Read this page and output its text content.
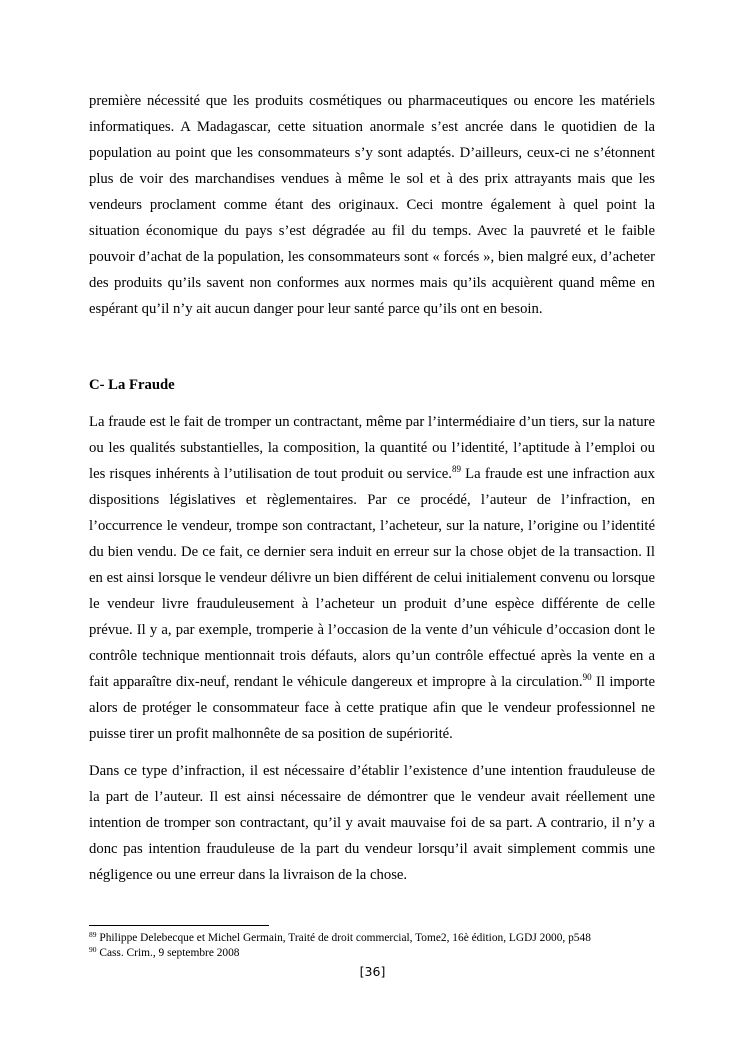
première nécessité que les produits cosmétiques ou pharmaceutiques ou encore les matériels informatiques. A Madagascar, cette situation anormale s’est ancrée dans le quotidien de la population au point que les consommateurs s’y sont adaptés. D’ailleurs, ceux-ci ne s’étonnent plus de voir des marchandises vendues à même le sol et à des prix attrayants mais que les vendeurs proclament comme étant des originaux. Ceci montre également à quel point la situation économique du pays s’est dégradée au fil du temps. Avec la pauvreté et le faible pouvoir d’achat de la population, les consommateurs sont « forcés », bien malgré eux, d’acheter des produits qu’ils savent non conformes aux normes mais qu’ils acquièrent quand même en espérant qu’il n’y ait aucun danger pour leur santé parce qu’ils ont en besoin.

C- La Fraude

La fraude est le fait de tromper un contractant, même par l’intermédiaire d’un tiers, sur la nature ou les qualités substantielles, la composition, la quantité ou l’identité, l’aptitude à l’emploi ou les risques inhérents à l’utilisation de tout produit ou service.$^{89}$ La fraude est une infraction aux dispositions législatives et règlementaires. Par ce procédé, l’auteur de l’infraction, en l’occurrence le vendeur, trompe son contractant, l’acheteur, sur la nature, l’origine ou l’identité du bien vendu. De ce fait, ce dernier sera induit en erreur sur la chose objet de la transaction. Il en est ainsi lorsque le vendeur délivre un bien différent de celui initialement convenu ou lorsque le vendeur livre frauduleusement à l’acheteur un produit d’une espèce différente de celle prévue. Il y a, par exemple, tromperie à l’occasion de la vente d’un véhicule d’occasion dont le contrôle technique mentionnait trois défauts, alors qu’un contrôle effectué après la vente en a fait apparaître dix-neuf, rendant le véhicule dangereux et impropre à la circulation.$^{90}$ Il importe alors de protéger le consommateur face à cette pratique afin que le vendeur professionnel ne puisse tirer un profit malhonnête de sa position de supériorité.

Dans ce type d’infraction, il est nécessaire d’établir l’existence d’une intention frauduleuse de la part de l’auteur. Il est ainsi nécessaire de démontrer que le vendeur avait réellement une intention de tromper son contractant, qu’il y avait mauvaise foi de sa part. A contrario, il n’y a donc pas intention frauduleuse de la part du vendeur lorsqu’il avait simplement commis une négligence ou une erreur dans la livraison de la chose.

$^{89}$ Philippe Delebecque et Michel Germain, Traité de droit commercial, Tome2, 16è édition, LGDJ 2000, p548
$^{90}$ Cass. Crim., 9 septembre 2008
[36]
